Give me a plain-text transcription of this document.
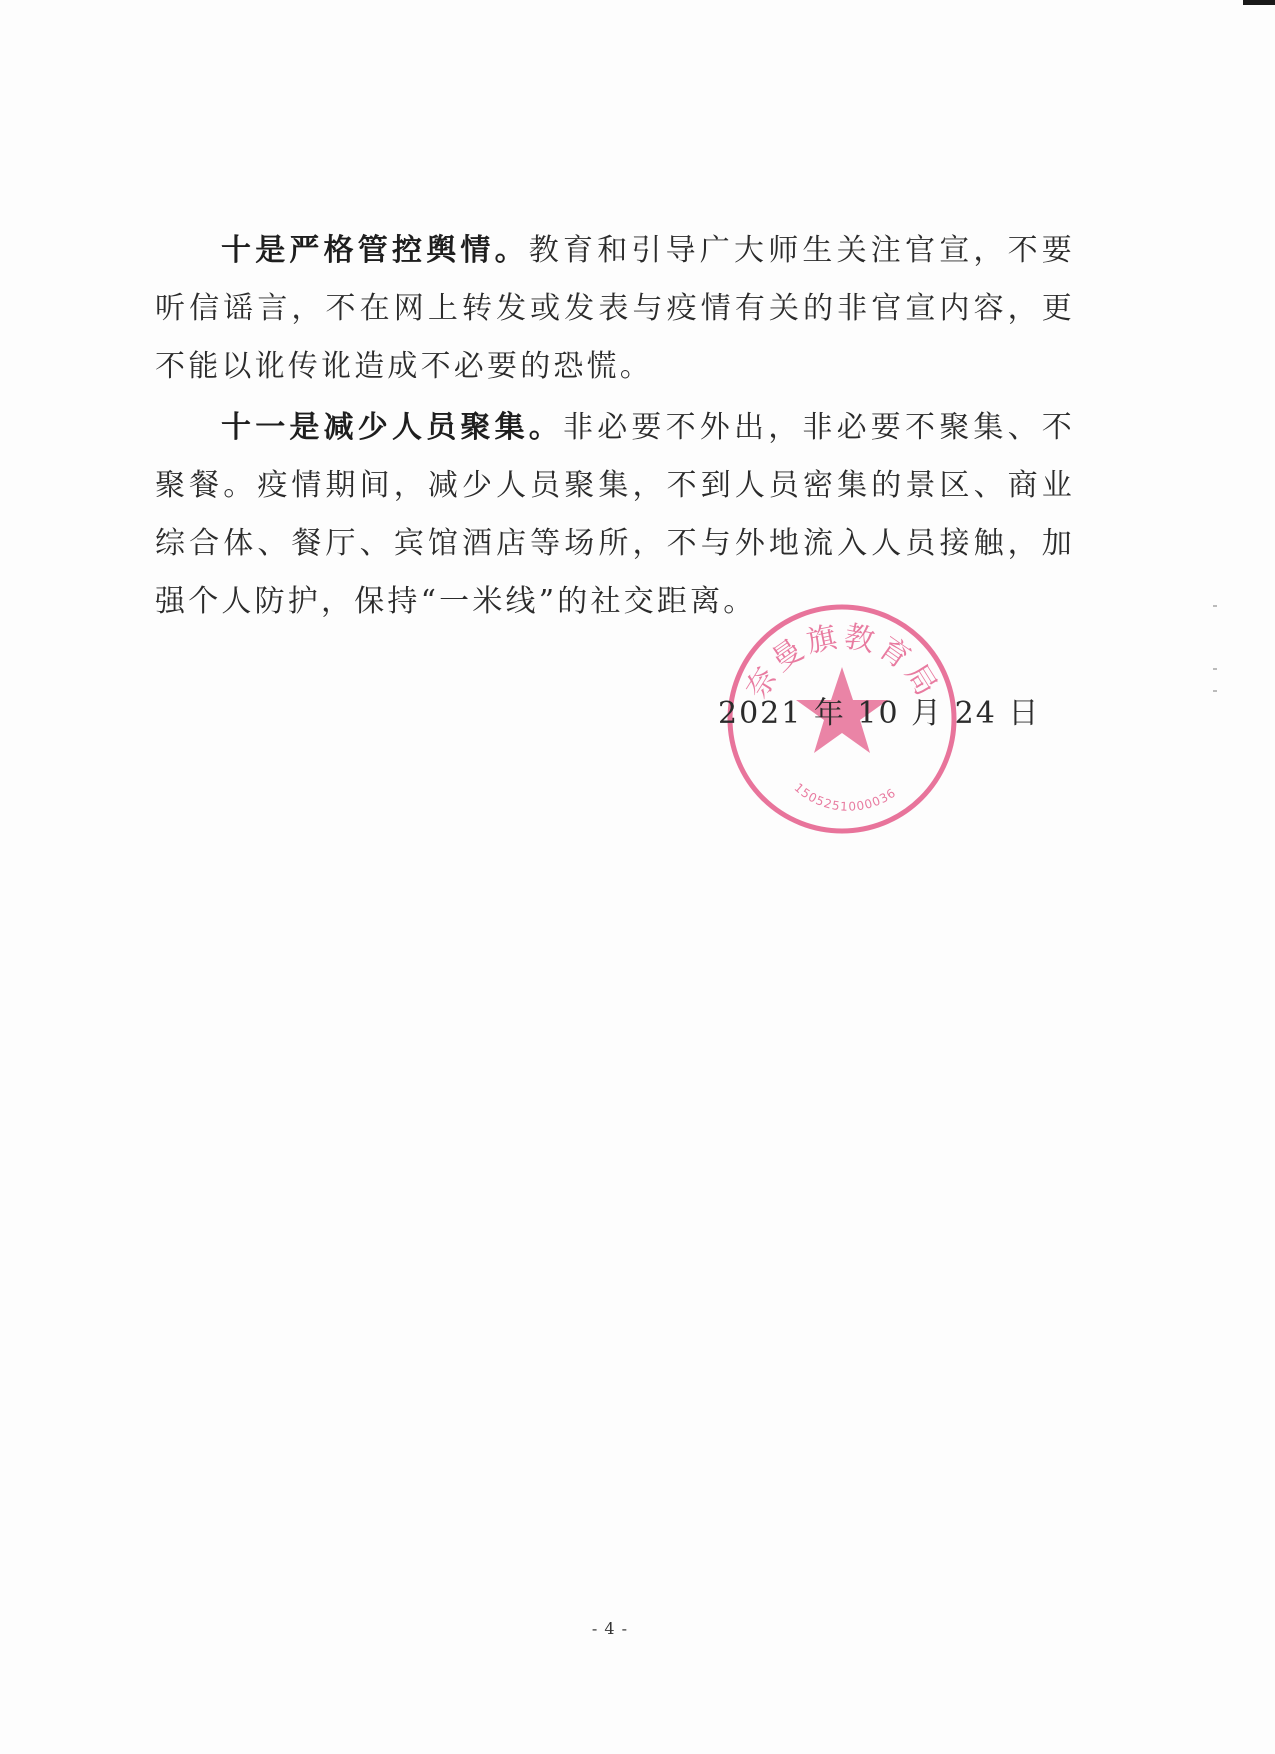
十是严格管控舆情。教育和引导广大师生关注官宣，不要听信谣言，不在网上转发或发表与疫情有关的非官宣内容，更不能以讹传讹造成不必要的恐慌。

十一是减少人员聚集。非必要不外出，非必要不聚集、不聚餐。疫情期间，减少人员聚集，不到人员密集的景区、商业综合体、餐厅、宾馆酒店等场所，不与外地流入人员接触，加强个人防护，保持“一米线”的社交距离。

奈曼旗教育局
1505251000036

2021 年 10 月 24 日

- 4 -
